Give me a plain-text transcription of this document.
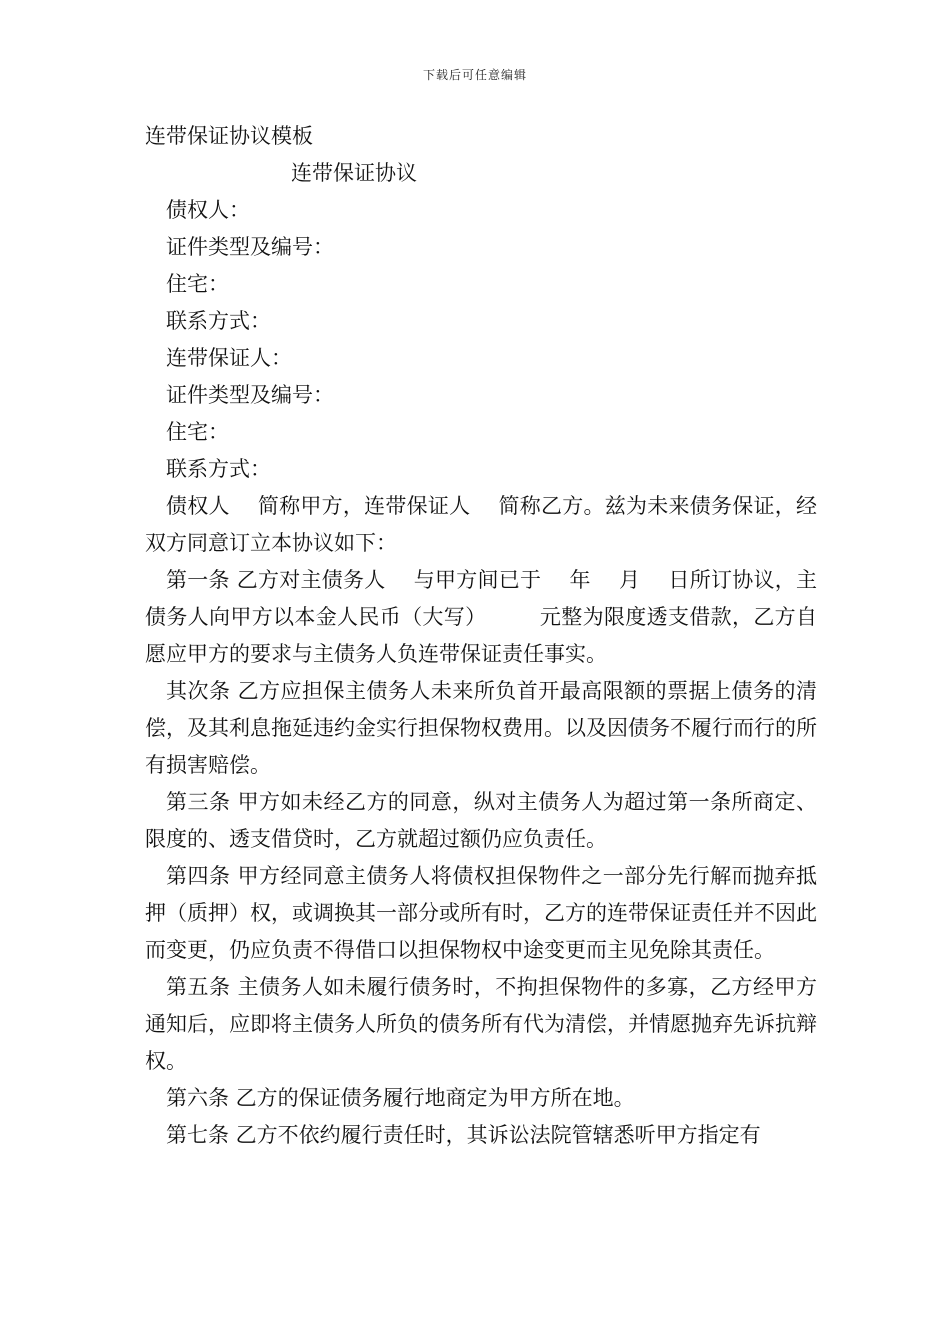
下载后可任意编辑

连带保证协议模板

连带保证协议

债权人：

证件类型及编号：

住宅：

联系方式：

连带保证人：

证件类型及编号：

住宅：

联系方式：

债权人　 简称甲方，连带保证人　 简称乙方。兹为未来债务保证，经双方同意订立本协议如下：

第一条 乙方对主债务人　 与甲方间已于　 年　 月　 日所订协议，主债务人向甲方以本金人民币（大写）　　　元整为限度透支借款，乙方自愿应甲方的要求与主债务人负连带保证责任事实。

其次条 乙方应担保主债务人未来所负首开最高限额的票据上债务的清偿，及其利息拖延违约金实行担保物权费用。以及因债务不履行而行的所有损害赔偿。

第三条 甲方如未经乙方的同意，纵对主债务人为超过第一条所商定、限度的、透支借贷时，乙方就超过额仍应负责任。

第四条 甲方经同意主债务人将债权担保物件之一部分先行解而抛弃抵押（质押）权，或调换其一部分或所有时，乙方的连带保证责任并不因此而变更，仍应负责不得借口以担保物权中途变更而主见免除其责任。

第五条 主债务人如未履行债务时，不拘担保物件的多寡，乙方经甲方通知后，应即将主债务人所负的债务所有代为清偿，并情愿抛弃先诉抗辩权。

第六条 乙方的保证债务履行地商定为甲方所在地。

第七条 乙方不依约履行责任时，其诉讼法院管辖悉听甲方指定有
